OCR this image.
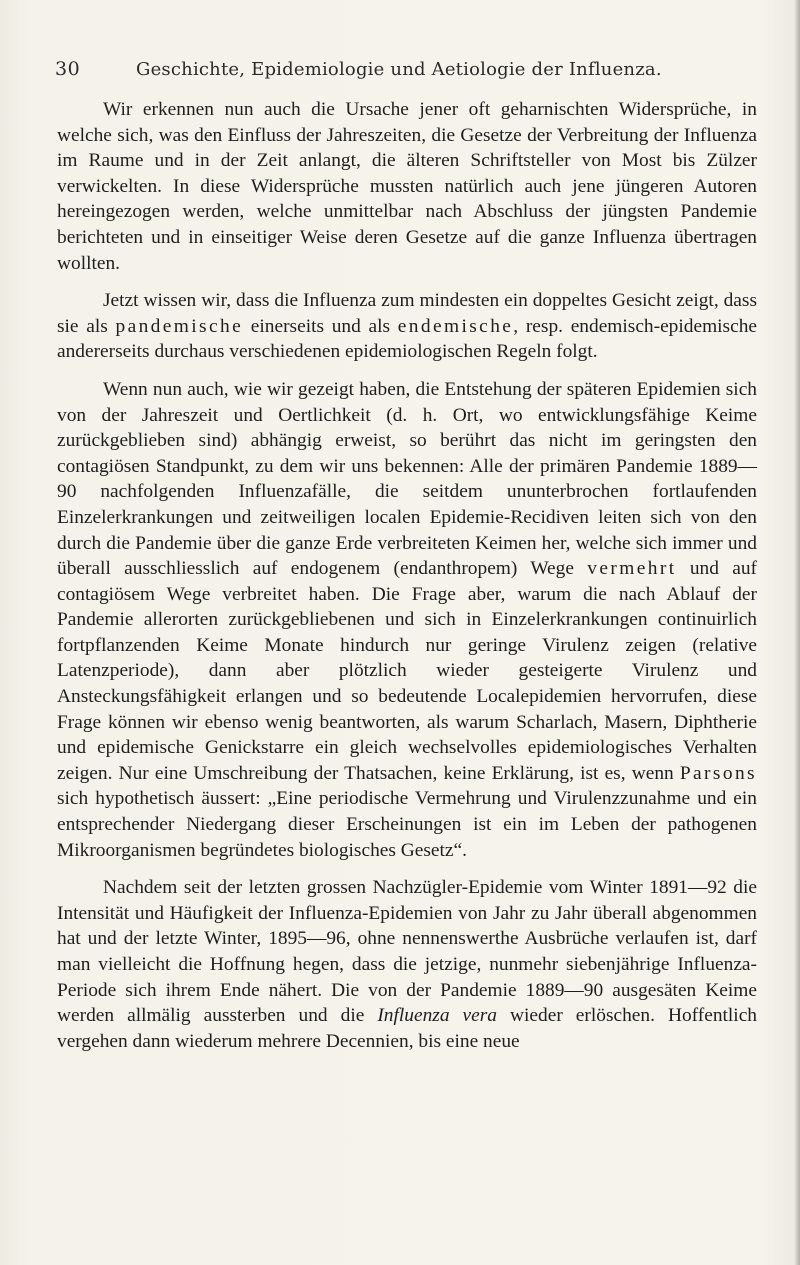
30	Geschichte, Epidemiologie und Aetiologie der Influenza.

Wir erkennen nun auch die Ursache jener oft geharnischten Widersprüche, in welche sich, was den Einfluss der Jahreszeiten, die Gesetze der Verbreitung der Influenza im Raume und in der Zeit anlangt, die älteren Schriftsteller von Most bis Zülzer verwickelten. In diese Widersprüche mussten natürlich auch jene jüngeren Autoren hereingezogen werden, welche unmittelbar nach Abschluss der jüngsten Pandemie berichteten und in einseitiger Weise deren Gesetze auf die ganze Influenza übertragen wollten.

Jetzt wissen wir, dass die Influenza zum mindesten ein doppeltes Gesicht zeigt, dass sie als pandemische einerseits und als endemische, resp. endemisch-epidemische andererseits durchaus verschiedenen epidemiologischen Regeln folgt.

Wenn nun auch, wie wir gezeigt haben, die Entstehung der späteren Epidemien sich von der Jahreszeit und Oertlichkeit (d. h. Ort, wo entwicklungsfähige Keime zurückgeblieben sind) abhängig erweist, so berührt das nicht im geringsten den contagiösen Standpunkt, zu dem wir uns bekennen: Alle der primären Pandemie 1889—90 nachfolgenden Influenzafälle, die seitdem ununterbrochen fortlaufenden Einzelerkrankungen und zeitweiligen localen Epidemie-Recidiven leiten sich von den durch die Pandemie über die ganze Erde verbreiteten Keimen her, welche sich immer und überall ausschliesslich auf endogenem (endanthropem) Wege vermehrt und auf contagiösem Wege verbreitet haben. Die Frage aber, warum die nach Ablauf der Pandemie allerorten zurückgebliebenen und sich in Einzelerkrankungen continuirlich fortpflanzenden Keime Monate hindurch nur geringe Virulenz zeigen (relative Latenzperiode), dann aber plötzlich wieder gesteigerte Virulenz und Ansteckungsfähigkeit erlangen und so bedeutende Localepidemien hervorrufen, diese Frage können wir ebenso wenig beantworten, als warum Scharlach, Masern, Diphtherie und epidemische Genickstarre ein gleich wechselvolles epidemiologisches Verhalten zeigen. Nur eine Umschreibung der Thatsachen, keine Erklärung, ist es, wenn Parsons sich hypothetisch äussert: „Eine periodische Vermehrung und Virulenzzunahme und ein entsprechender Niedergang dieser Erscheinungen ist ein im Leben der pathogenen Mikroorganismen begründetes biologisches Gesetz“.

Nachdem seit der letzten grossen Nachzügler-Epidemie vom Winter 1891—92 die Intensität und Häufigkeit der Influenza-Epidemien von Jahr zu Jahr überall abgenommen hat und der letzte Winter, 1895—96, ohne nennenswerthe Ausbrüche verlaufen ist, darf man vielleicht die Hoffnung hegen, dass die jetzige, nunmehr siebenjährige Influenza-Periode sich ihrem Ende nähert. Die von der Pandemie 1889—90 ausgesäten Keime werden allmälig aussterben und die Influenza vera wieder erlöschen. Hoffentlich vergehen dann wiederum mehrere Decennien, bis eine neue
